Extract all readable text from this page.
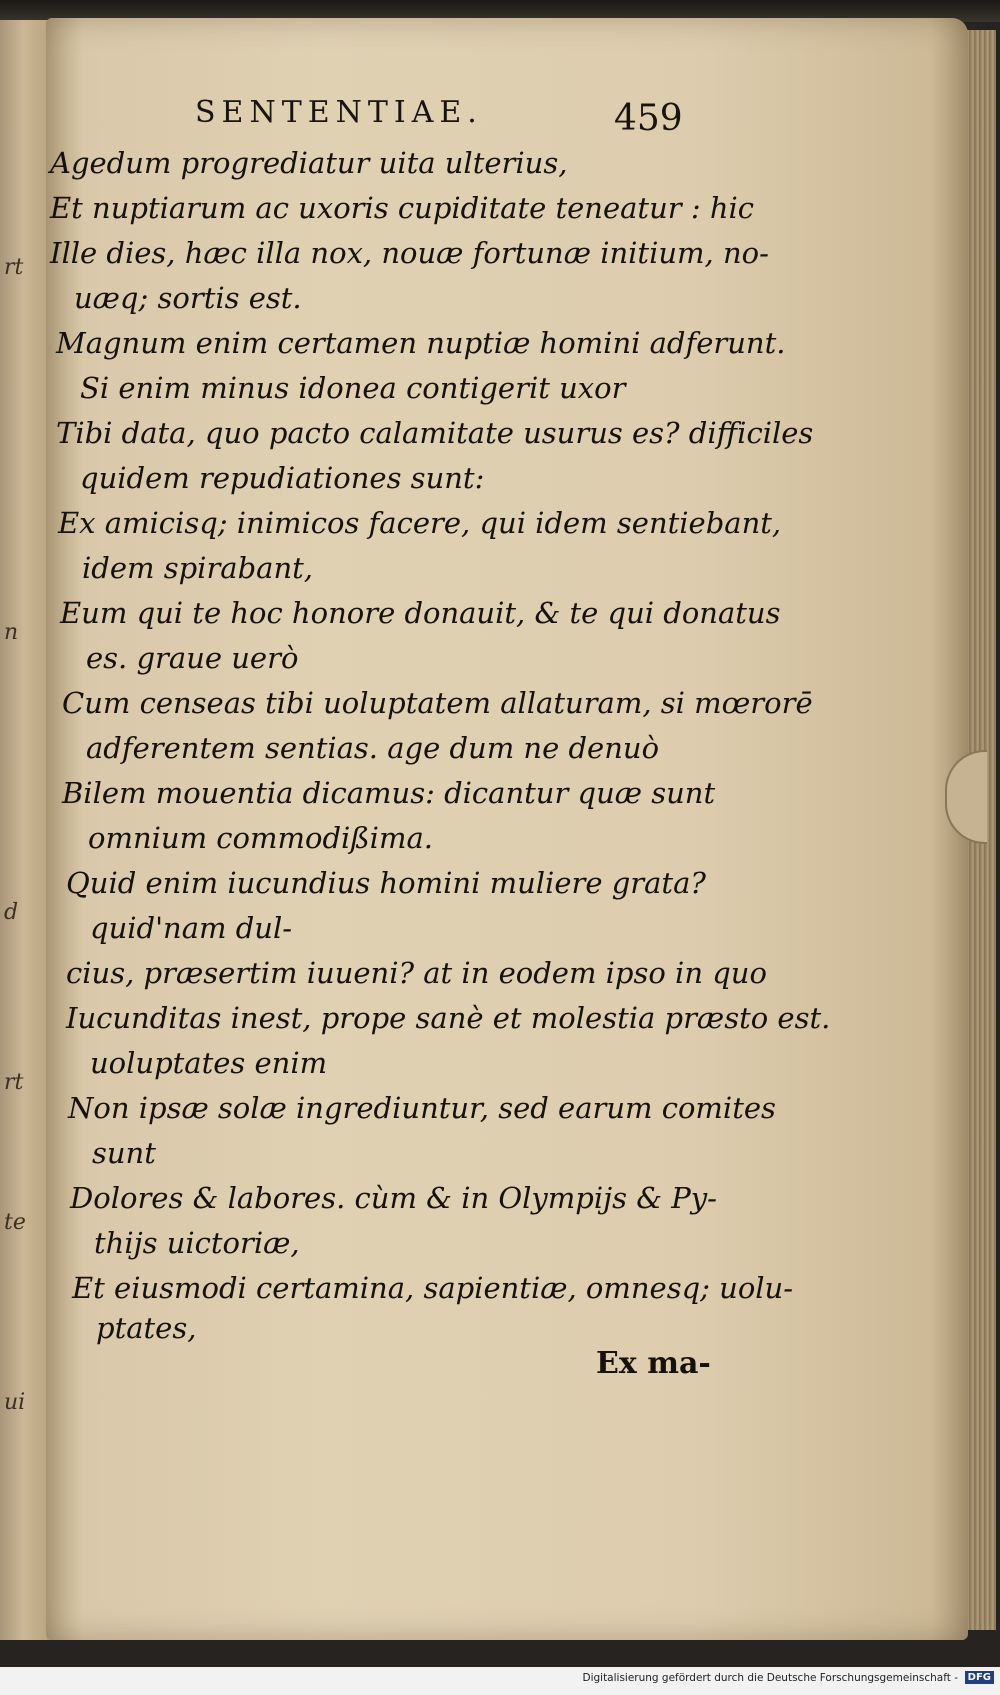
rt
n
d
rt
te
ui
SENTENTIAE.	459
Agedum progrediatur uita ulterius,
Et nuptiarum ac uxoris cupiditate teneatur : hic
Ille dies, hæc illa nox, nouæ fortunæ initium, no-
uæq; sortis est.
Magnum enim certamen nuptiæ homini adferunt.
Si enim minus idonea contigerit uxor
Tibi data, quo pacto calamitate usurus es? difficiles
quidem repudiationes sunt:
Ex amicisq; inimicos facere, qui idem sentiebant,
idem spirabant,
Eum qui te hoc honore donauit, & te qui donatus
es. graue uerò
Cum censeas tibi uoluptatem allaturam, si mœrorē
adferentem sentias. age dum ne denuò
Bilem mouentia dicamus: dicantur quæ sunt
omnium commodißima.
Quid enim iucundius homini muliere grata?
quid'nam dul-
cius, præsertim iuueni? at in eodem ipso in quo
Iucunditas inest, prope sanè et molestia præsto est.
uoluptates enim
Non ipsæ solæ ingrediuntur, sed earum comites
sunt
Dolores & labores. cùm & in Olympijs & Py-
thijs uictoriæ,
Et eiusmodi certamina, sapientiæ, omnesq; uolu-
ptates,
Ex ma-
Digitalisierung gefördert durch die Deutsche Forschungsgemeinschaft - DFG
